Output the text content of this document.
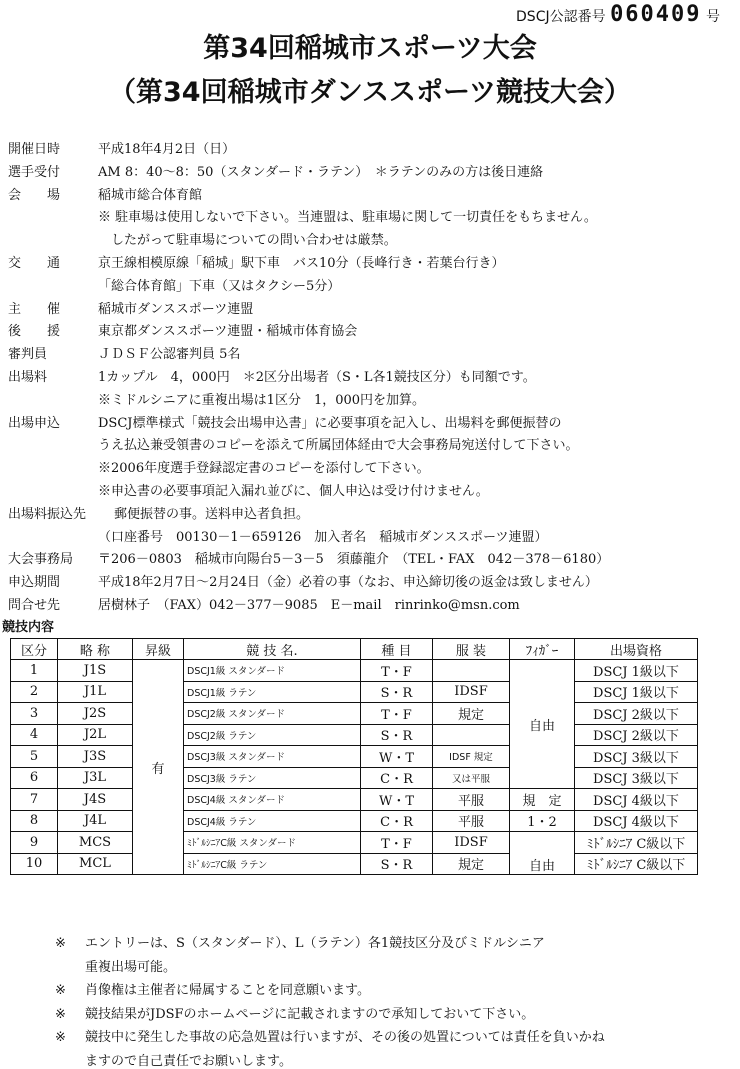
DSCJ公認番号 060409 号
第34回稲城市スポーツ大会
（第34回稲城市ダンススポーツ競技大会）
開催日時	平成18年4月2日（日）
選手受付	AM 8：40～8：50（スタンダード・ラテン）　＊ラテンのみの方は後日連絡
会　　場	稲城市総合体育館
※ 駐車場は使用しないで下さい。当連盟は、駐車場に関して一切責任をもちません。
　したがって駐車場についての問い合わせは厳禁。
交　　通	京王線相模原線「稲城」駅下車　バス10分（長峰行き・若葉台行き）
「総合体育館」下車（又はタクシー5分）
主　　催	稲城市ダンススポーツ連盟
後　　援	東京都ダンススポーツ連盟・稲城市体育協会
審判員	ＪＤＳＦ公認審判員 5名
出場料	1カップル　4，000円　＊2区分出場者（S・L各1競技区分）も同額です。
※ミドルシニアに重複出場は1区分　1，000円を加算。
出場申込	DSCJ標準様式「競技会出場申込書」に必要事項を記入し、出場料を郵便振替の
うえ払込兼受領書のコピーを添えて所属団体経由で大会事務局宛送付して下さい。
※2006年度選手登録認定書のコピーを添付して下さい。
※申込書の必要事項記入漏れ並びに、個人申込は受け付けません。
出場料振込先 郵便振替の事。送料申込者負担。
（口座番号　00130－1－659126　加入者名　稲城市ダンススポーツ連盟）
大会事務局 〒206－0803　稲城市向陽台5－3－5　須藤龍介　（TEL・FAX　042－378－6180）
申込期間	平成18年2月7日～2月24日（金）必着の事（なお、申込締切後の返金は致しません）
問合せ先	居樹林子　（FAX）042－377－9085　E－mail　rinrinko@msn.com
競技内容
区分	略 称	昇級	競 技 名.	種 目	服 装	ﾌｨｶﾞｰ	出場資格
1	J1S	有	DSCJ1級 スタンダード	T・F		自由	DSCJ 1級以下
2	J1L		DSCJ1級 ラテン	S・R	IDSF		DSCJ 1級以下
3	J2S		DSCJ2級 スタンダード	T・F	規定		DSCJ 2級以下
4	J2L		DSCJ2級 ラテン	S・R			DSCJ 2級以下
5	J3S		DSCJ3級 スタンダード	W・T	IDSF 規定		DSCJ 3級以下
6	J3L		DSCJ3級 ラテン	C・R	又は平服		DSCJ 3級以下
7	J4S		DSCJ4級 スタンダード	W・T	平服	規　定	DSCJ 4級以下
8	J4L		DSCJ4級 ラテン	C・R	平服	1・2	DSCJ 4級以下
9	MCS		ﾐﾄﾞﾙｼﾆｱC級 スタンダード	T・F	IDSF	自由	ﾐﾄﾞﾙｼﾆｱ C級以下
10	MCL		ﾐﾄﾞﾙｼﾆｱC級 ラテン	S・R	規定		ﾐﾄﾞﾙｼﾆｱ C級以下
※ エントリーは、S（スタンダード）、L（ラテン）各1競技区分及びミドルシニア
重複出場可能。
※ 肖像権は主催者に帰属することを同意願います。
※ 競技結果がJDSFのホームページに記載されますので承知しておいて下さい。
※ 競技中に発生した事故の応急処置は行いますが、その後の処置については責任を負いかね
ますので自己責任でお願いします。
